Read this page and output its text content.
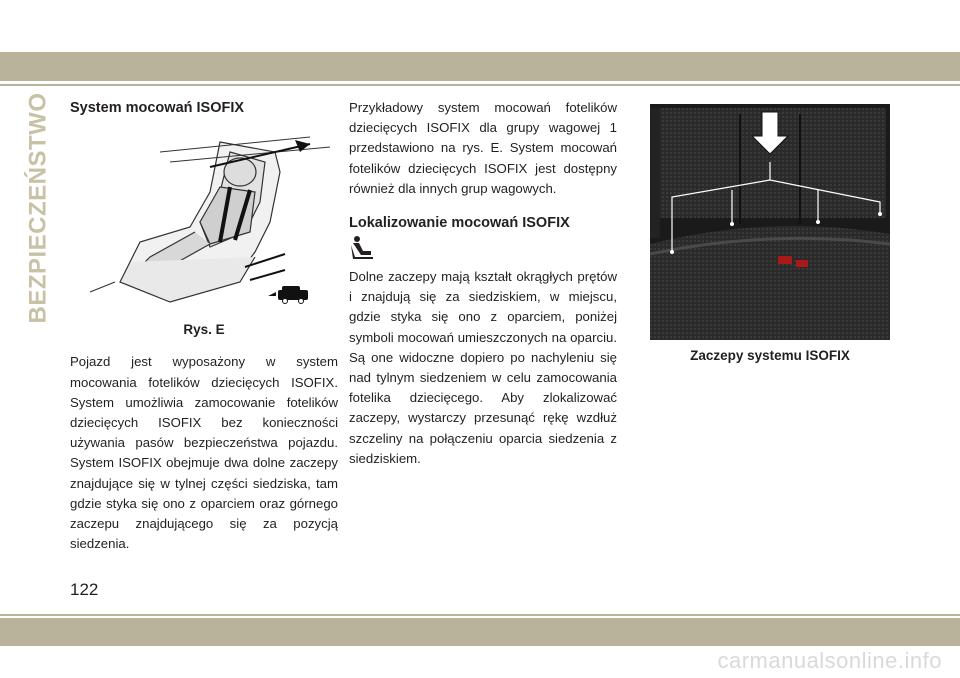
BEZPIECZEŃSTWO System mocowań ISOFIX
Rys. E

Pojazd jest wyposażony w system mocowania fotelików dziecięcych ISOFIX. System umożliwia zamocowanie fotelików dziecięcych ISOFIX bez konieczności używania pasów bezpieczeństwa pojazdu. System ISOFIX obejmuje dwa dolne zaczepy znajdujące się w tylnej części siedziska, tam gdzie styka się ono z oparciem oraz górnego zaczepu znajdującego się za pozycją siedzenia.

Przykładowy system mocowań fotelików dziecięcych ISOFIX dla grupy wagowej 1 przedstawiono na rys. E. System mocowań fotelików dziecięcych ISOFIX jest dostępny również dla innych grup wagowych.

Lokalizowanie mocowań ISOFIX

Dolne zaczepy mają kształt okrągłych prętów i znajdują się za siedziskiem, w miejscu, gdzie styka się ono z oparciem, poniżej symboli mocowań umieszczonych na oparciu. Są one widoczne dopiero po nachyleniu się nad tylnym siedzeniem w celu zamocowania fotelika dziecięcego. Aby zlokalizować zaczepy, wystarczy przesunąć rękę wzdłuż szczeliny na połączeniu oparcia siedzenia z siedziskiem.

Zaczepy systemu ISOFIX
122
carmanualsonline.info
